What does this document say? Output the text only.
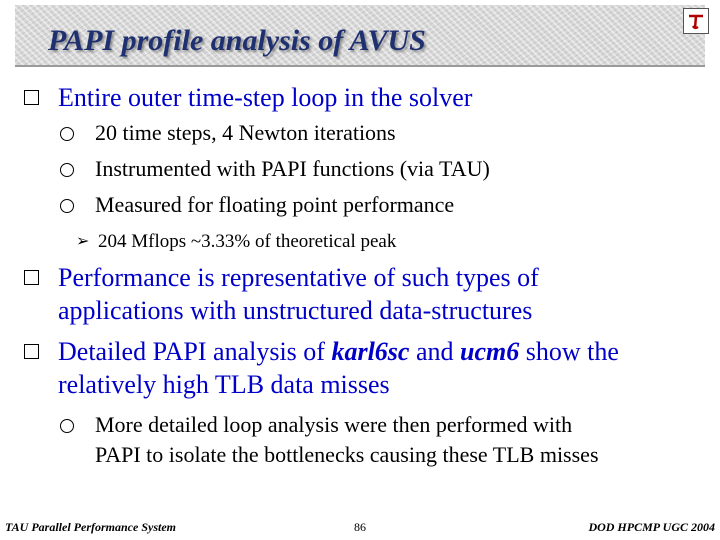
PAPI profile analysis of AVUS

Entire outer time-step loop in the solver

20 time steps, 4 Newton iterations

Instrumented with PAPI functions (via TAU)

Measured for floating point performance

➢ 204 Mflops ~3.33% of theoretical peak

Performance is representative of such types of

applications with unstructured data-structures

Detailed PAPI analysis of karl6sc and ucm6 show the

relatively high TLB data misses

More detailed loop analysis were then performed with

PAPI to isolate the bottlenecks causing these TLB misses

TAU Parallel Performance System	86	DOD HPCMP UGC 2004
